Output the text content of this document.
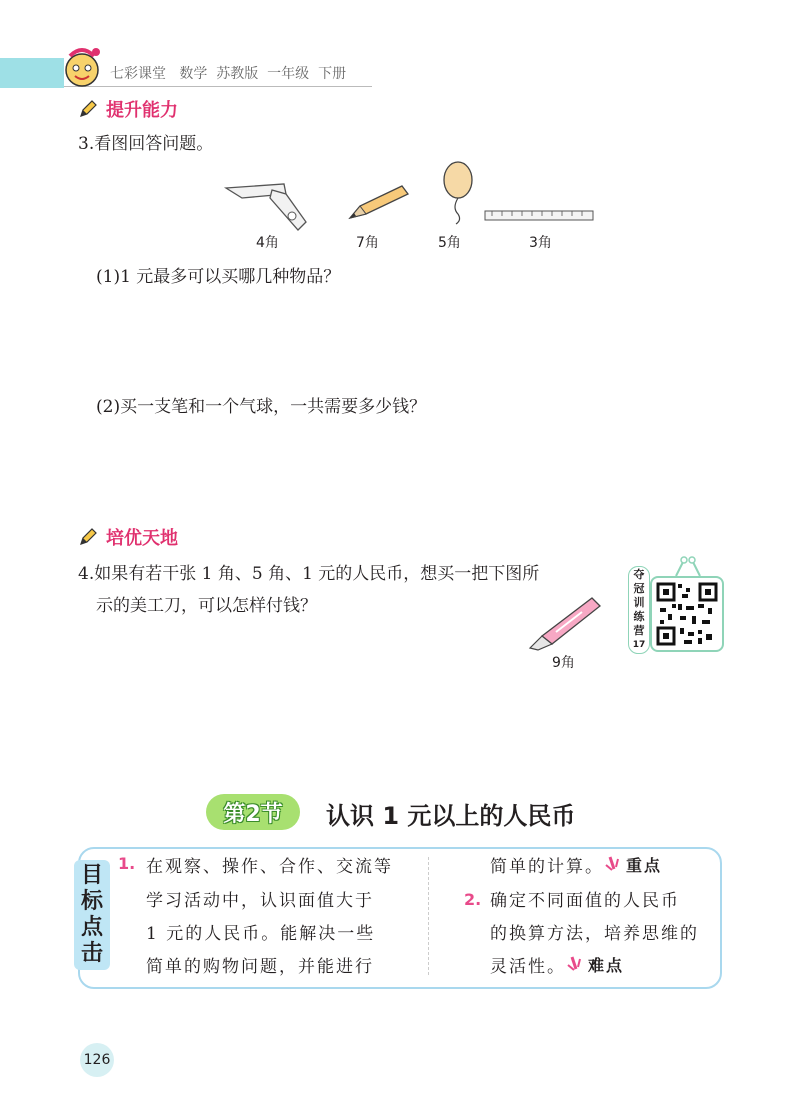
七彩课堂 数学 苏教版 一年级 下册
提升能力
3.看图回答问题。
4角	7角	5角	3角
(1)1 元最多可以买哪几种物品？
(2)买一支笔和一个气球，一共需要多少钱？
培优天地
4.如果有若干张 1 角、5 角、1 元的人民币，想买一把下图所
示的美工刀，可以怎样付钱？
9角
夺
冠
训
练
营
17
第2节	认识 1 元以上的人民币
目
标
点
击
1. 在观察、操作、合作、交流等
学习活动中，认识面值大于
1 元的人民币。能解决一些
简单的购物问题，并能进行
简单的计算。 重点
2. 确定不同面值的人民币
的换算方法，培养思维的
灵活性。 难点
126
